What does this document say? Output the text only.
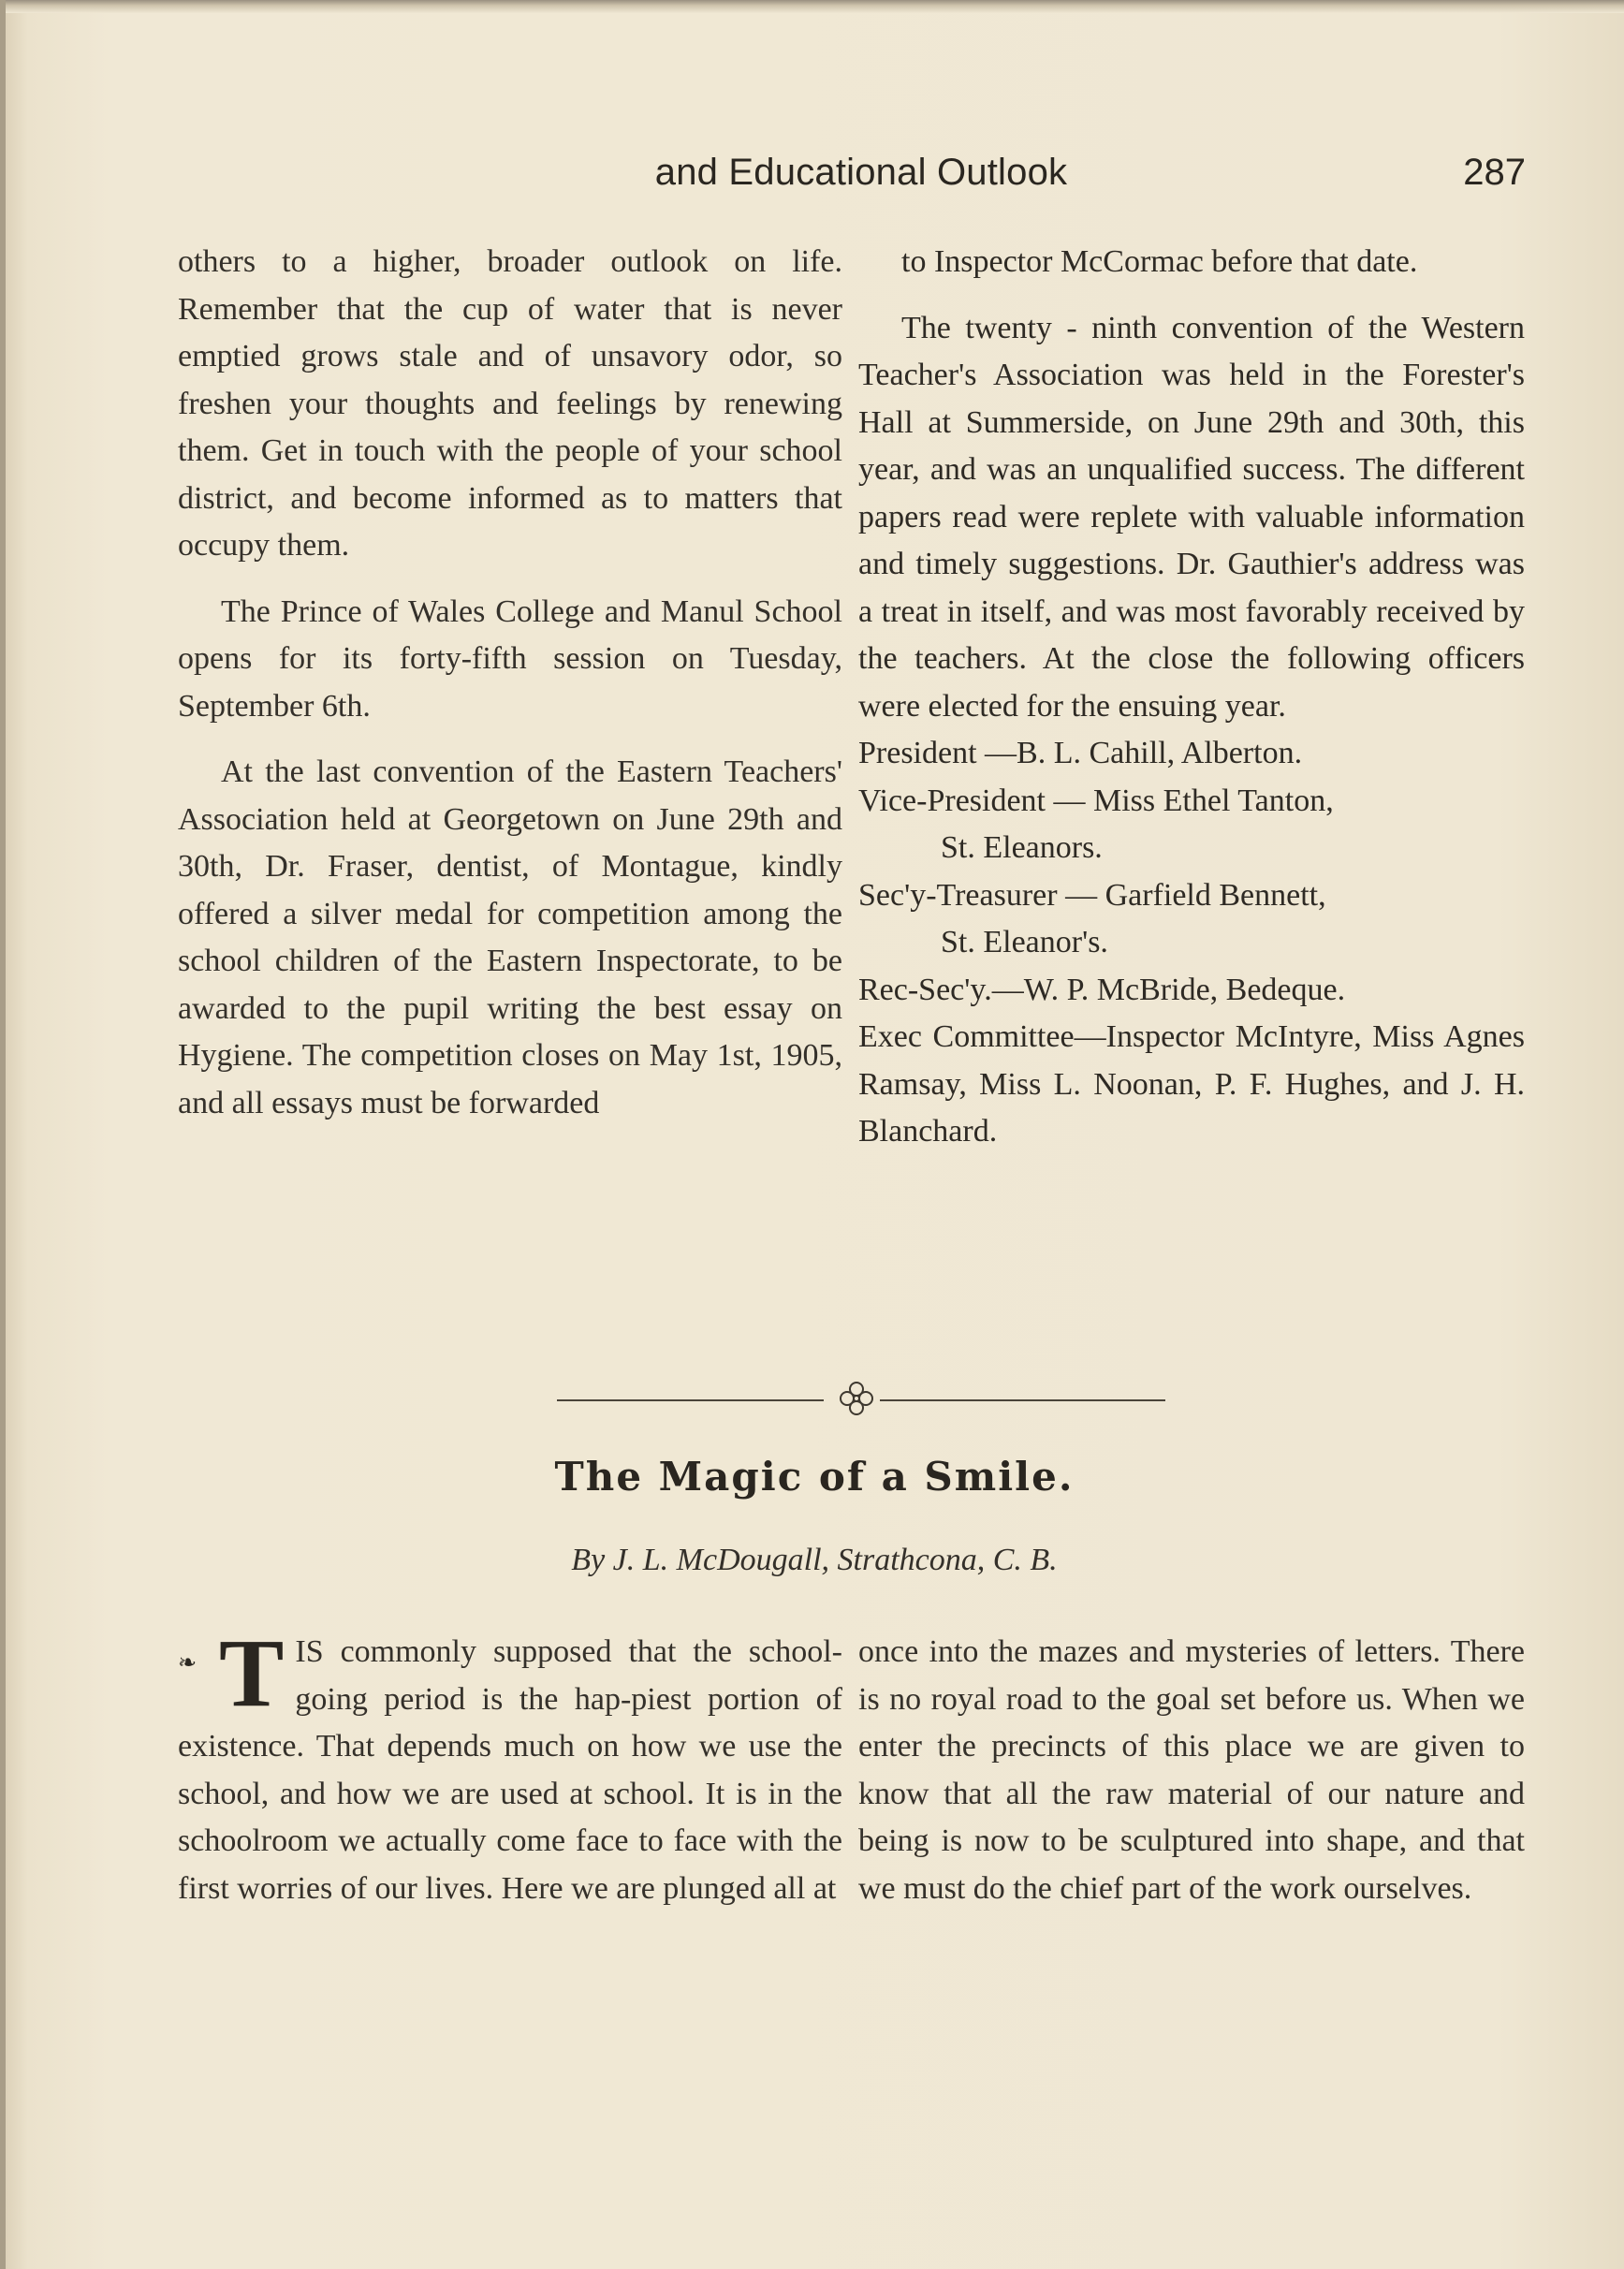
and Educational Outlook	287

others to a higher, broader outlook on life. Remember that the cup of water that is never emptied grows stale and of unsavory odor, so freshen your thoughts and feelings by renewing them. Get in touch with the people of your school district, and become informed as to matters that occupy them.

The Prince of Wales College and Manul School opens for its forty-fifth session on Tuesday, September 6th.

At the last convention of the Eastern Teachers' Association held at Georgetown on June 29th and 30th, Dr. Fraser, dentist, of Montague, kindly offered a silver medal for competition among the school children of the Eastern Inspectorate, to be awarded to the pupil writing the best essay on Hygiene. The competition closes on May 1st, 1905, and all essays must be forwarded

to Inspector McCormac before that date.

The twenty - ninth convention of the Western Teacher's Association was held in the Forester's Hall at Summerside, on June 29th and 30th, this year, and was an unqualified success. The different papers read were replete with valuable information and timely suggestions. Dr. Gauthier's address was a treat in itself, and was most favorably received by the teachers. At the close the following officers were elected for the ensuing year.

President —B. L. Cahill, Alberton.

Vice-President — Miss Ethel Tanton,
St. Eleanors.

Sec'y-Treasurer — Garfield Bennett,
St. Eleanor's.

Rec-Sec'y.—W. P. McBride, Bedeque.

Exec Committee—Inspector McIntyre, Miss Agnes Ramsay, Miss L. Noonan, P. F. Hughes, and J. H. Blanchard.

The Magic of a Smile.
By J. L. McDougall, Strathcona, C. B.
❧ TIS commonly supposed that the school-going period is the hap-piest portion of existence. That depends much on how we use the school, and how we are used at school. It is in the schoolroom we actually come face to face with the first worries of our lives. Here we are plunged all at

once into the mazes and mysteries of letters. There is no royal road to the goal set before us. When we enter the precincts of this place we are given to know that all the raw material of our nature and being is now to be sculptured into shape, and that we must do the chief part of the work ourselves.
